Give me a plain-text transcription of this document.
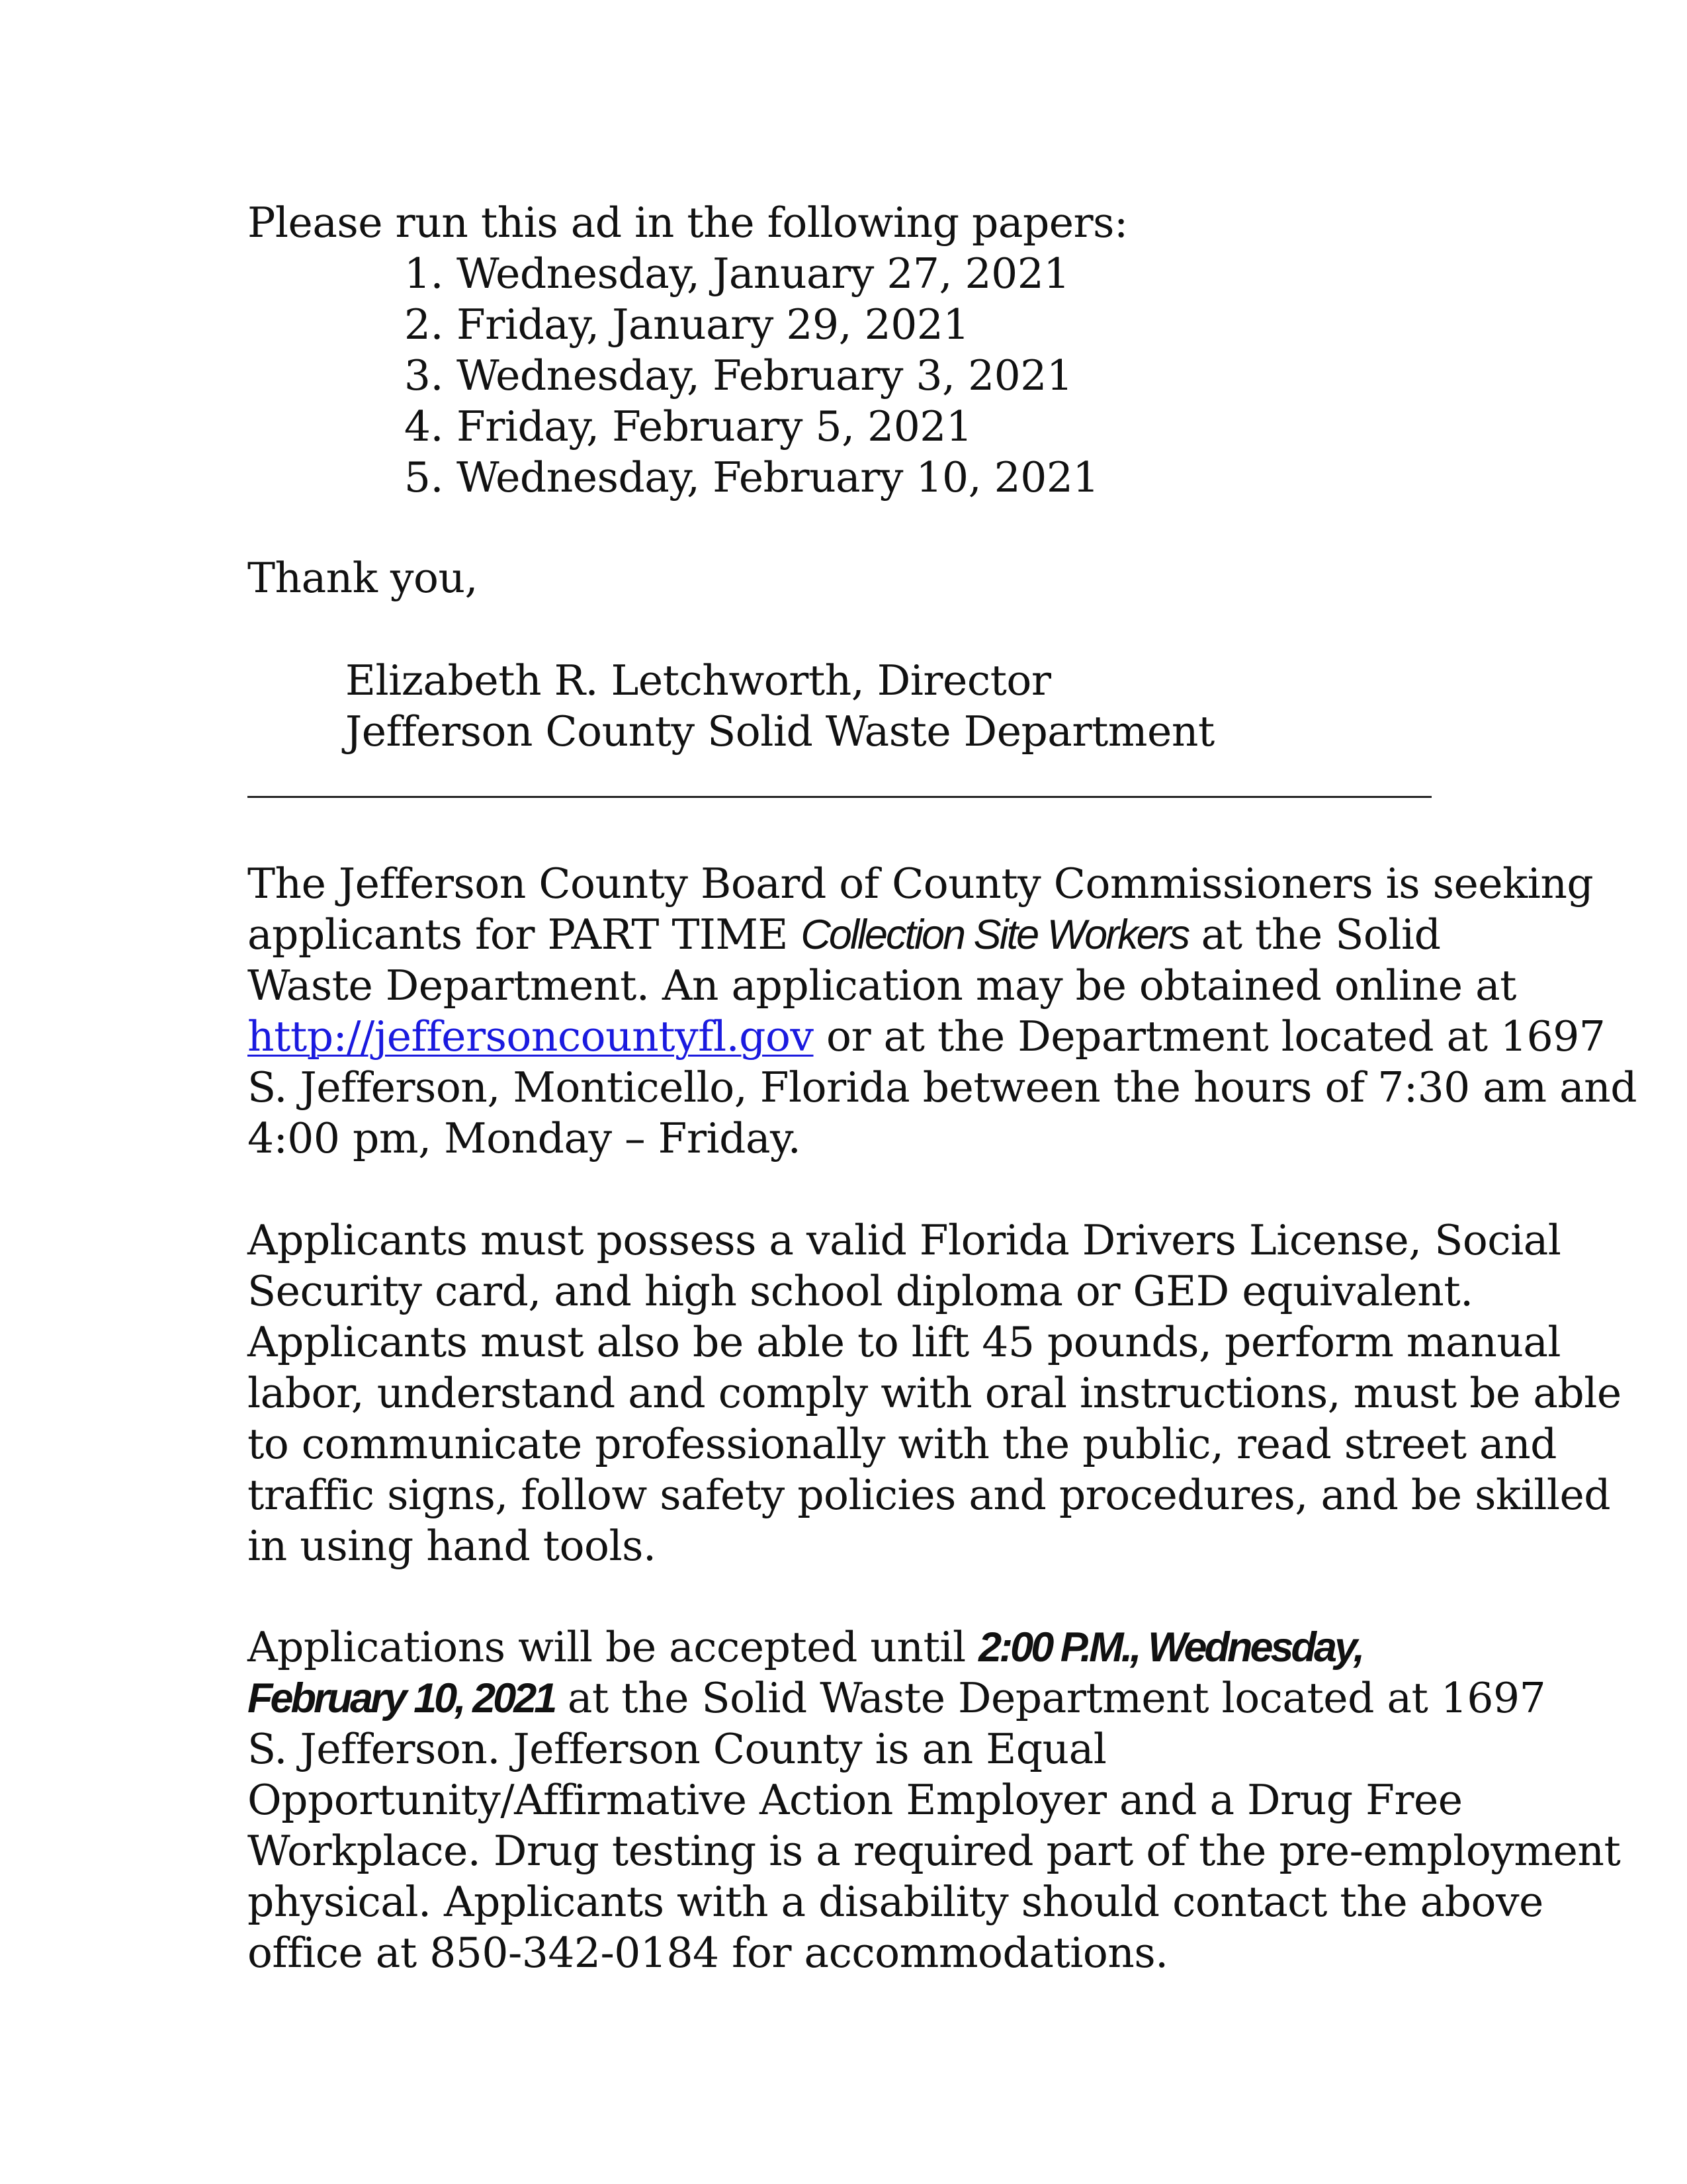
Please run this ad in the following papers:
1. Wednesday, January 27, 2021
2. Friday, January 29, 2021
3. Wednesday, February 3, 2021
4. Friday, February 5, 2021
5. Wednesday, February 10, 2021
Thank you,
Elizabeth R. Letchworth, Director
Jefferson County Solid Waste Department
The Jefferson County Board of County Commissioners is seeking
applicants for PART TIME Collection Site Workers at the Solid
Waste Department. An application may be obtained online at
http://jeffersoncountyfl.gov or at the Department located at 1697
S. Jefferson, Monticello, Florida between the hours of 7:30 am and
4:00 pm, Monday – Friday.
Applicants must possess a valid Florida Drivers License, Social
Security card, and high school diploma or GED equivalent.
Applicants must also be able to lift 45 pounds, perform manual
labor, understand and comply with oral instructions, must be able
to communicate professionally with the public, read street and
traffic signs, follow safety policies and procedures, and be skilled
in using hand tools.
Applications will be accepted until 2:00 P.M., Wednesday,
February 10, 2021 at the Solid Waste Department located at 1697
S. Jefferson. Jefferson County is an Equal
Opportunity/Affirmative Action Employer and a Drug Free
Workplace. Drug testing is a required part of the pre-employment
physical. Applicants with a disability should contact the above
office at 850-342-0184 for accommodations.
